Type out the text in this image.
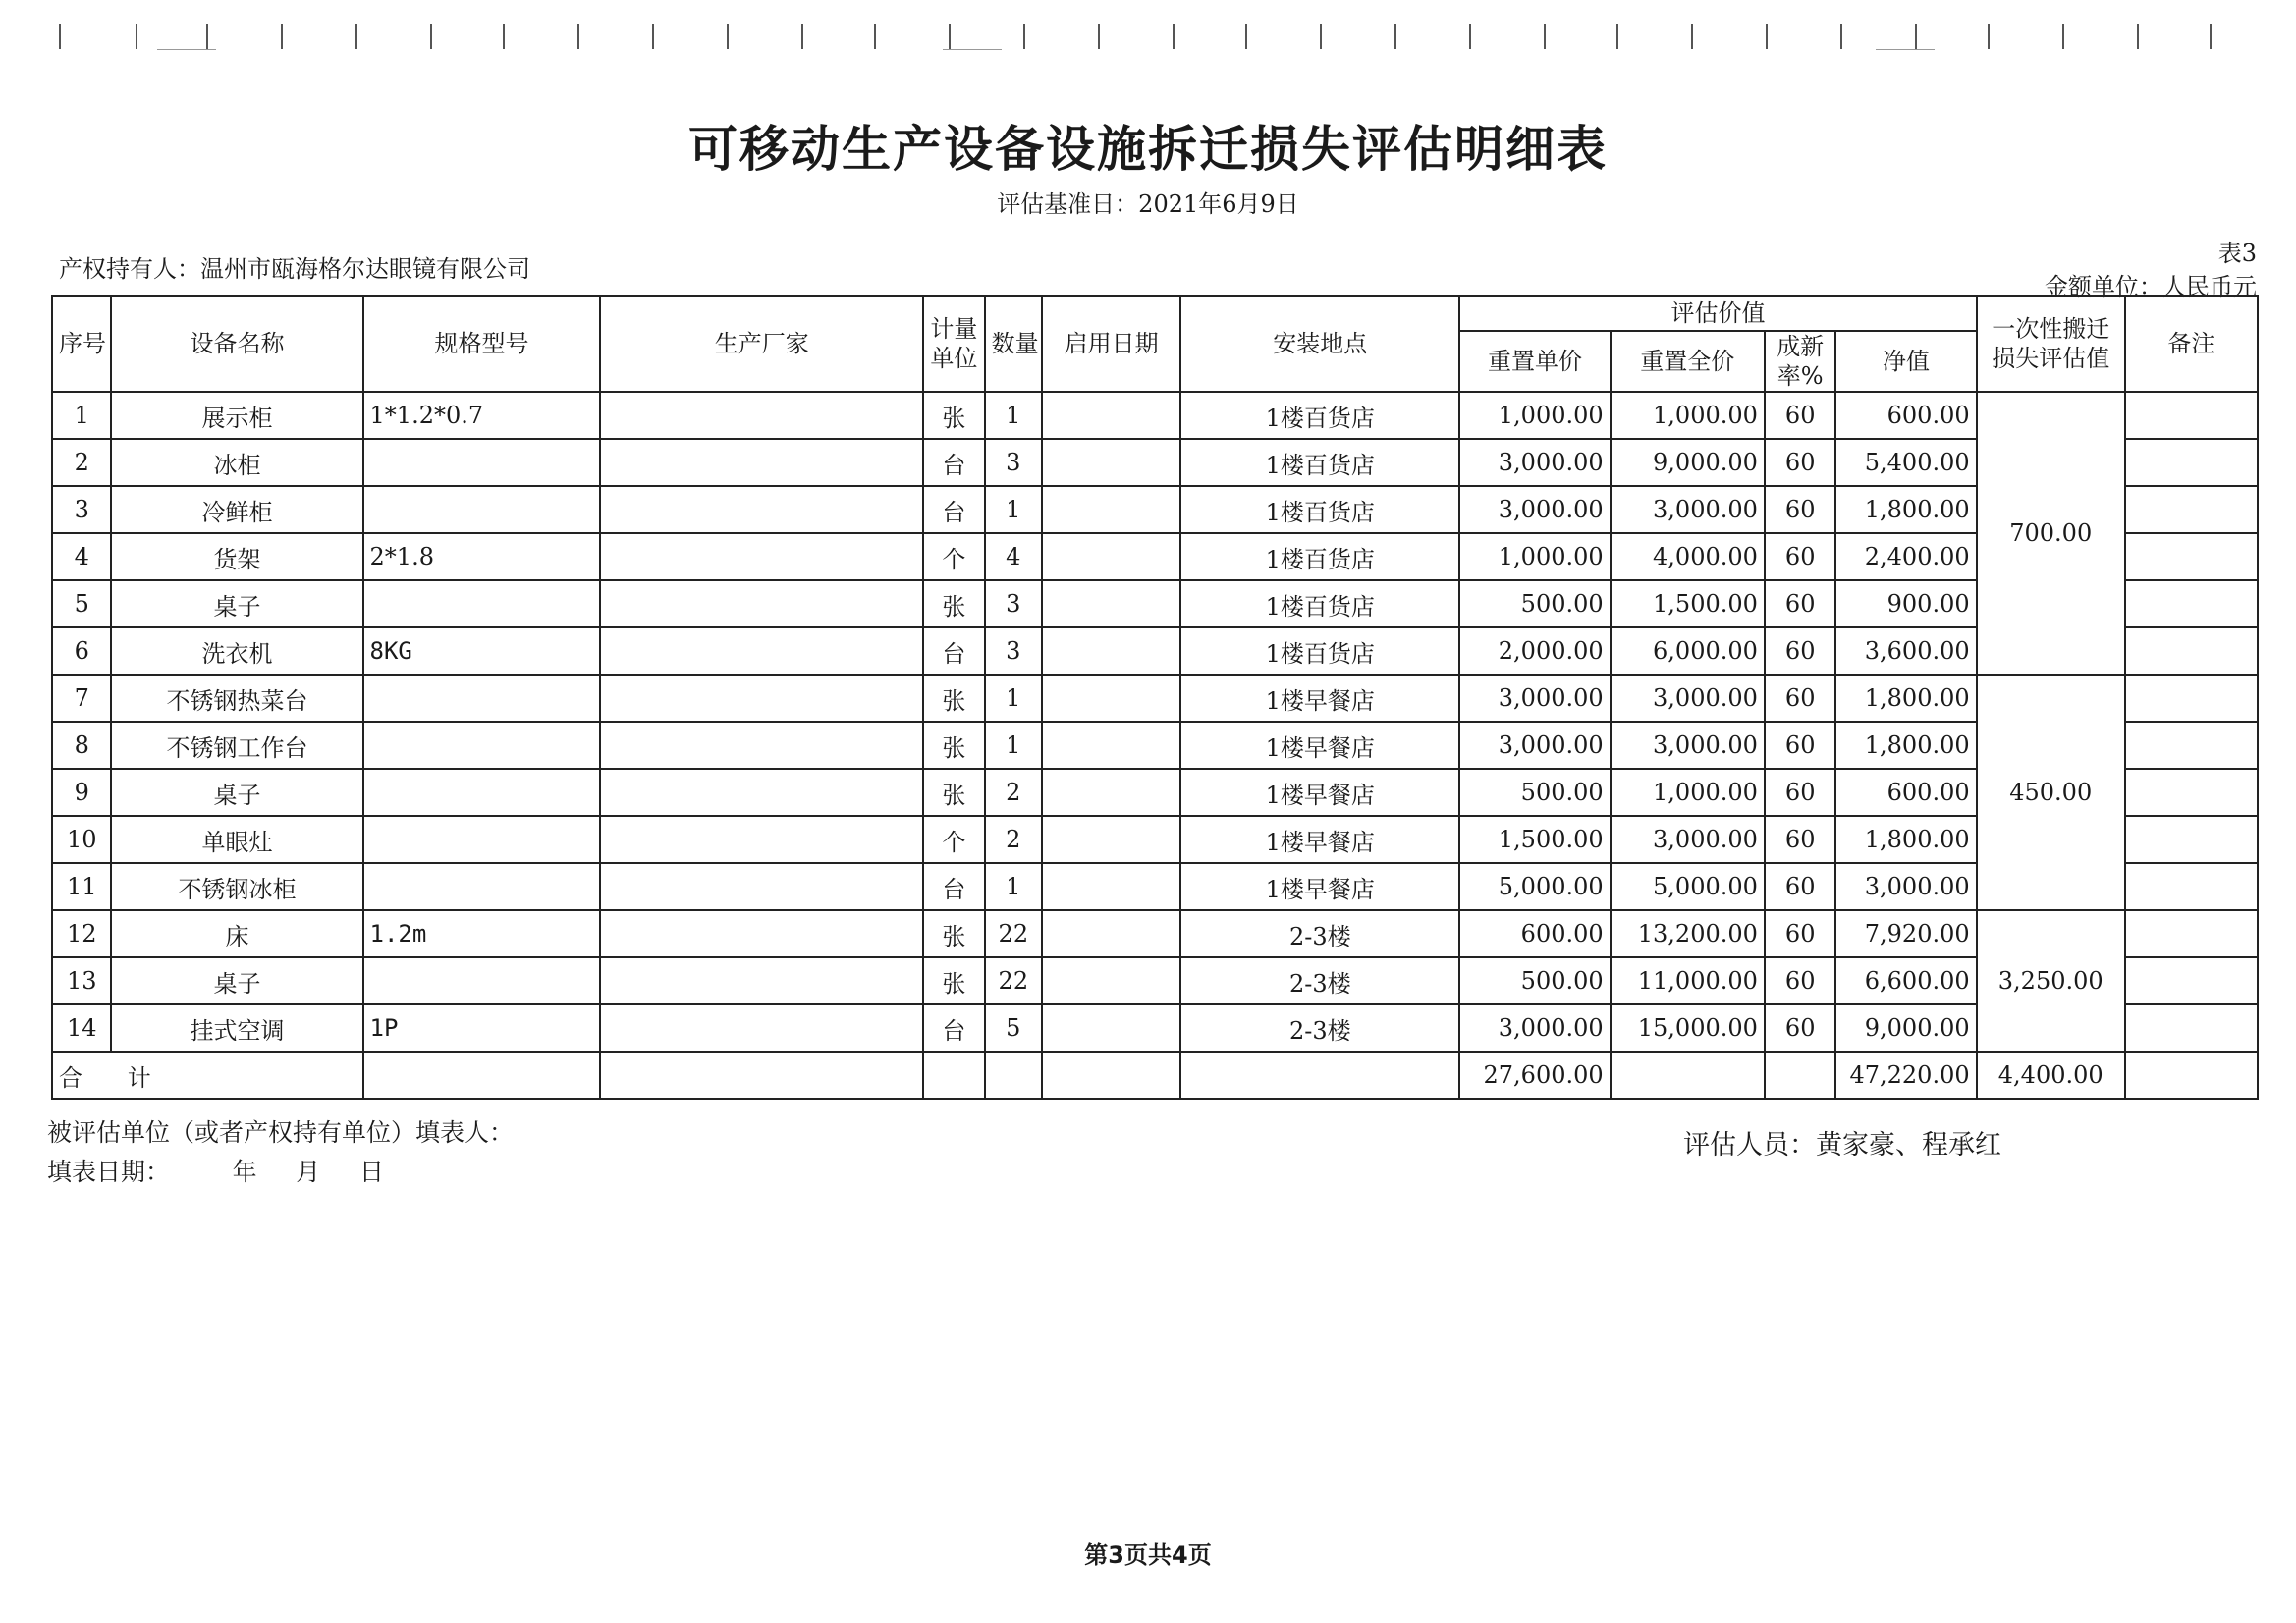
可移动生产设备设施拆迁损失评估明细表
评估基准日：2021年6月9日
产权持有人：温州市瓯海格尔达眼镜有限公司
表3
金额单位：人民币元
序号	设备名称	规格型号	生产厂家	计量单位	数量	启用日期	安装地点	评估价值				一次性搬迁损失评估值	备注
								重置单价	重置全价	成新率%	净值		
1	展示柜	1*1.2*0.7		张	1		1楼百货店	1,000.00	1,000.00	60	600.00	700.00	
2	冰柜			台	3		1楼百货店	3,000.00	9,000.00	60	5,400.00		
3	冷鲜柜			台	1		1楼百货店	3,000.00	3,000.00	60	1,800.00		
4	货架	2*1.8		个	4		1楼百货店	1,000.00	4,000.00	60	2,400.00		
5	桌子			张	3		1楼百货店	500.00	1,500.00	60	900.00		
6	洗衣机	8KG		台	3		1楼百货店	2,000.00	6,000.00	60	3,600.00		
7	不锈钢热菜台			张	1		1楼早餐店	3,000.00	3,000.00	60	1,800.00	450.00	
8	不锈钢工作台			张	1		1楼早餐店	3,000.00	3,000.00	60	1,800.00		
9	桌子			张	2		1楼早餐店	500.00	1,000.00	60	600.00		
10	单眼灶			个	2		1楼早餐店	1,500.00	3,000.00	60	1,800.00		
11	不锈钢冰柜			台	1		1楼早餐店	5,000.00	5,000.00	60	3,000.00		
12	床	1.2m		张	22		2-3楼	600.00	13,200.00	60	7,920.00	3,250.00	
13	桌子			张	22		2-3楼	500.00	11,000.00	60	6,600.00		
14	挂式空调	1P		台	5		2-3楼	3,000.00	15,000.00	60	9,000.00		
合      计								27,600.00			47,220.00	4,400.00	
被评估单位（或者产权持有单位）填表人：
填表日期：        年     月     日
评估人员：黄家豪、程承红
第3页共4页
